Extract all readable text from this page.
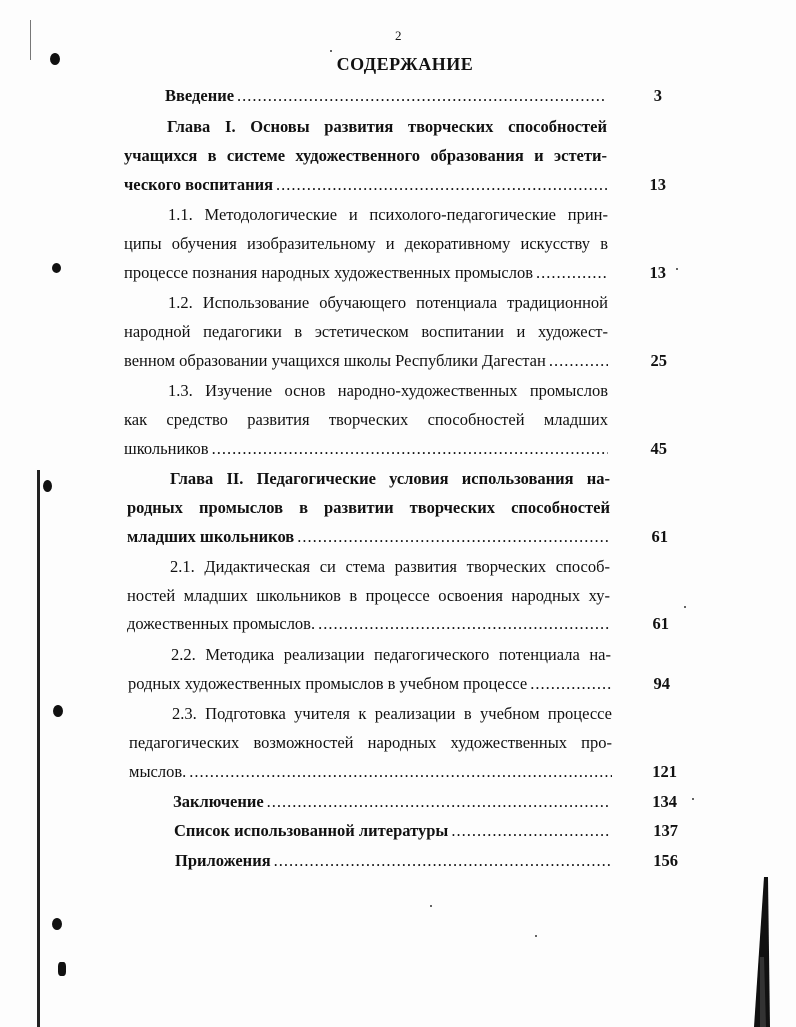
2
СОДЕРЖАНИЕ
Введение .....	3
Глава I. Основы развития творческих способностей
учащихся в системе художественного образования и эстети-
ческого воспитания .....	13
1.1. Методологические и психолого-педагогические прин-
ципы обучения изобразительному и декоративному искусству в
процессе познания народных художественных промыслов .....	13
1.2. Использование обучающего потенциала традиционной
народной педагогики в эстетическом воспитании и художест-
венном образовании учащихся школы Республики Дагестан .....	25
1.3. Изучение основ народно-художественных промыслов
как средство развития творческих способностей младших
школьников .....	45
Глава II. Педагогические условия использования на-
родных промыслов в развитии творческих способностей
младших школьников .....	61
2.1. Дидактическая си стема развития творческих способ-
ностей младших школьников в процессе освоения народных ху-
дожественных промыслов. .....	61
2.2. Методика реализации педагогического потенциала на-
родных художественных промыслов в учебном процессе .....	94
2.3. Подготовка учителя к реализации в учебном процессе
педагогических возможностей народных художественных про-
мыслов. .....	121
Заключение .....	134
Список использованной литературы .....	137
Приложения .....	156
